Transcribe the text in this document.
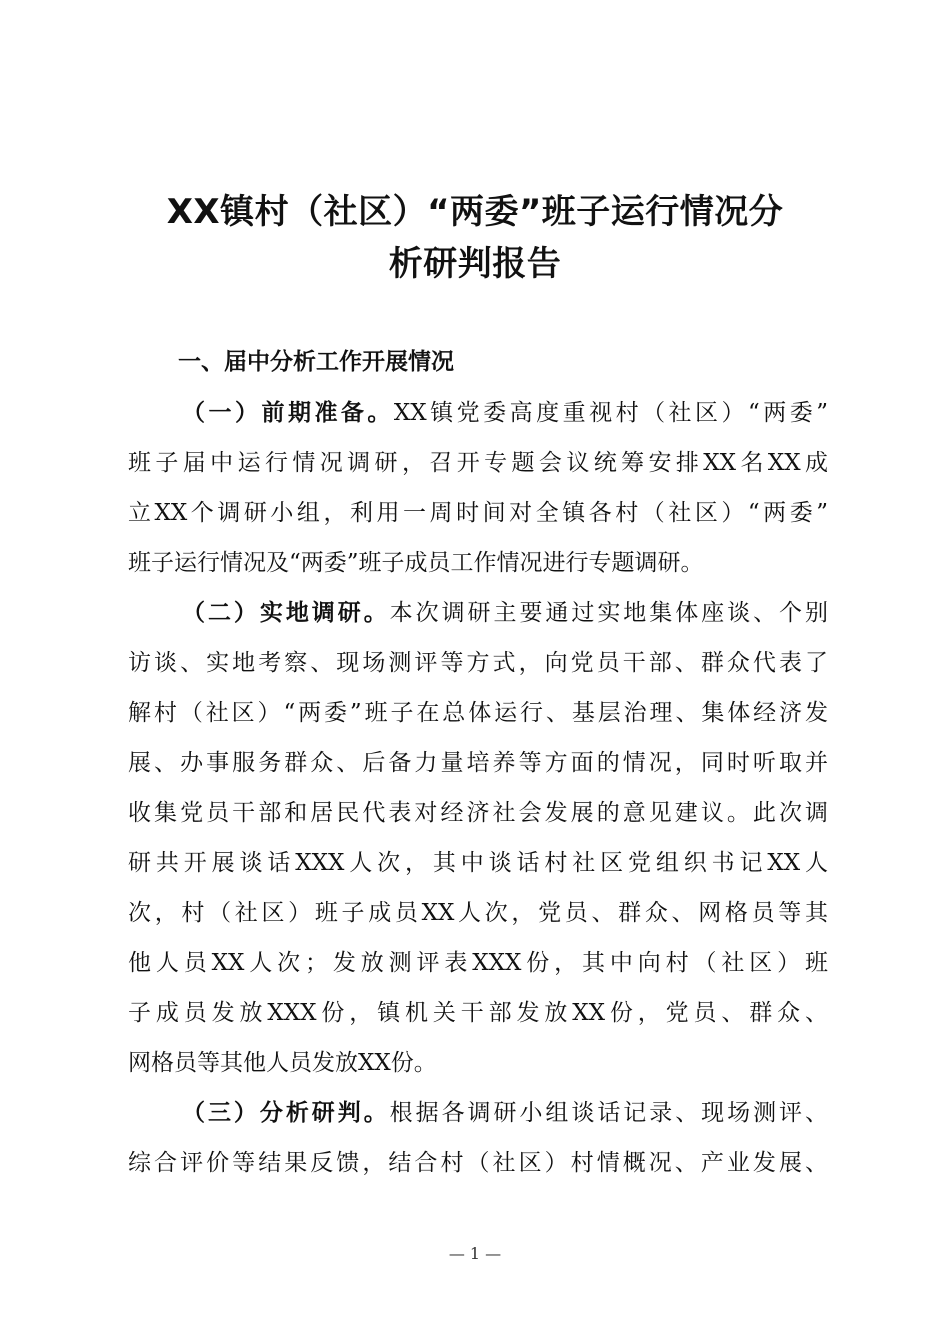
XX镇村（社区）“两委”班子运行情况分
析研判报告
一、届中分析工作开展情况
（一）前期准备。XX镇党委高度重视村（社区）“两委”
班子届中运行情况调研，召开专题会议统筹安排XX名XX成
立XX个调研小组，利用一周时间对全镇各村（社区）“两委”
班子运行情况及“两委”班子成员工作情况进行专题调研。
（二）实地调研。本次调研主要通过实地集体座谈、个别
访谈、实地考察、现场测评等方式，向党员干部、群众代表了
解村（社区）“两委”班子在总体运行、基层治理、集体经济发
展、办事服务群众、后备力量培养等方面的情况，同时听取并
收集党员干部和居民代表对经济社会发展的意见建议。此次调
研共开展谈话XXX人次，其中谈话村社区党组织书记XX人
次，村（社区）班子成员XX人次，党员、群众、网格员等其
他人员XX人次；发放测评表XXX份，其中向村（社区）班
子成员发放XXX份，镇机关干部发放XX份，党员、群众、
网格员等其他人员发放XX份。
（三）分析研判。根据各调研小组谈话记录、现场测评、
综合评价等结果反馈，结合村（社区）村情概况、产业发展、
— 1 —
